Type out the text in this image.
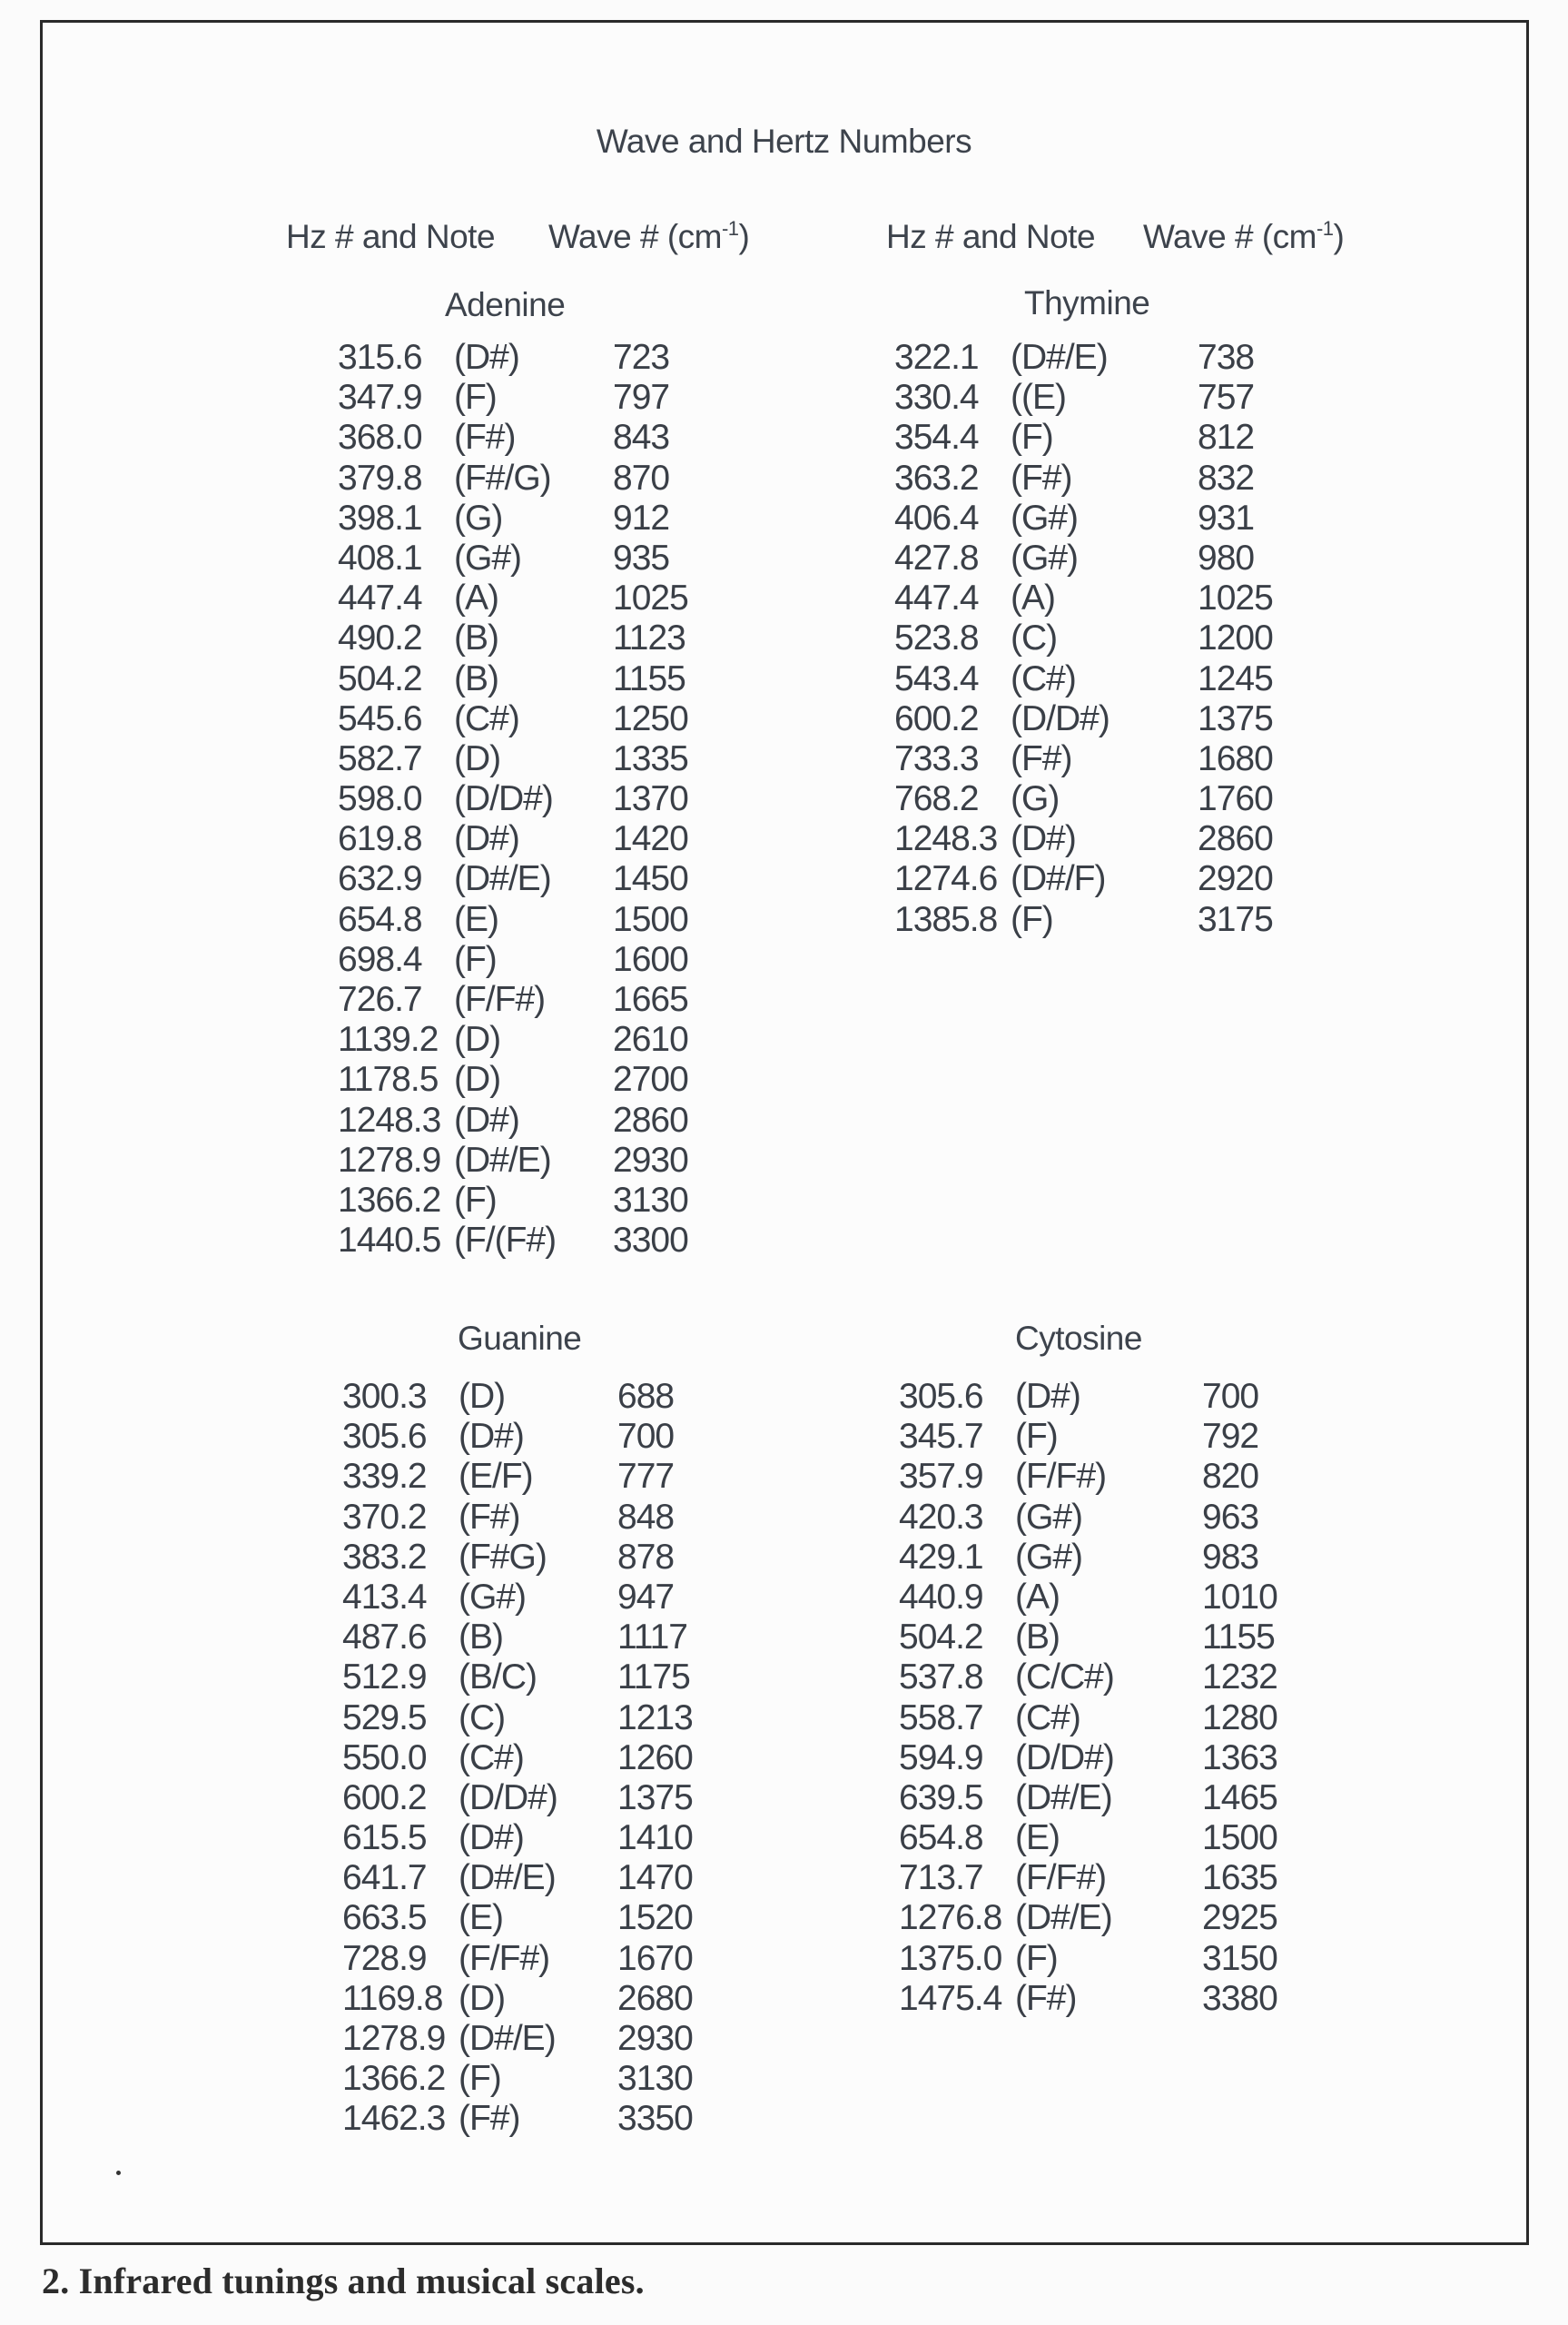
Wave and Hertz Numbers
Hz # and Note Wave # $(cm^{-1})$	Hz # and Note Wave # $(cm^{-1})$
Adenine	Thymine
Guanine	Cytosine
315.6 (D#)	723
347.9 (F)	797
368.0 (F#)	843
379.8 (F#/G) 870
398.1 (G)	912
408.1 (G#)	935
447.4 (A)	1025
490.2 (B)	1123
504.2 (B)	1155
545.6 (C#)	1250
582.7 (D)	1335
598.0 (D/D#) 1370
619.8 (D#)	1420
632.9 (D#/E) 1450
654.8 (E)	1500
698.4 (F)	1600
726.7 (F/F#) 1665
1139.2 (D)	2610
1178.5 (D)	2700
1248.3 (D#)	2860
1278.9 (D#/E) 2930
1366.2 (F)	3130
1440.5 (F/(F#) 3300
322.1 (D#/E)	738
330.4 ((E)	757
354.4 (F)	812
363.2 (F#)	832
406.4 (G#)	931
427.8 (G#)	980
447.4 (A)	1025
523.8 (C)	1200
543.4 (C#)	1245
600.2 (D/D#) 1375
733.3 (F#)	1680
768.2 (G)	1760
1248.3 (D#)	2860
1274.6 (D#/F)	2920
1385.8 (F)	3175
300.3 (D)	688
305.6 (D#)	700
339.2 (E/F) 777
370.2 (F#)	848
383.2 (F#G) 878
413.4 (G#)	947
487.6 (B)	1117
512.9 (B/C) 1175
529.5 (C)	1213
550.0 (C#)	1260
600.2 (D/D#) 1375
615.5 (D#)	1410
641.7 (D#/E) 1470
663.5 (E)	1520
728.9 (F/F#) 1670
1169.8 (D)	2680
1278.9 (D#/E) 2930
1366.2 (F)	3130
1462.3 (F#)	3350
305.6 (D#)	700
345.7 (F)	792
357.9 (F/F#)	820
420.3 (G#)	963
429.1 (G#)	983
440.9 (A)	1010
504.2 (B)	1155
537.8 (C/C#) 1232
558.7 (C#)	1280
594.9 (D/D#) 1363
639.5 (D#/E)	1465
654.8 (E)	1500
713.7 (F/F#)	1635
1276.8 (D#/E)	2925
1375.0 (F)	3150
1475.4 (F#)	3380
2. Infrared tunings and musical scales.
